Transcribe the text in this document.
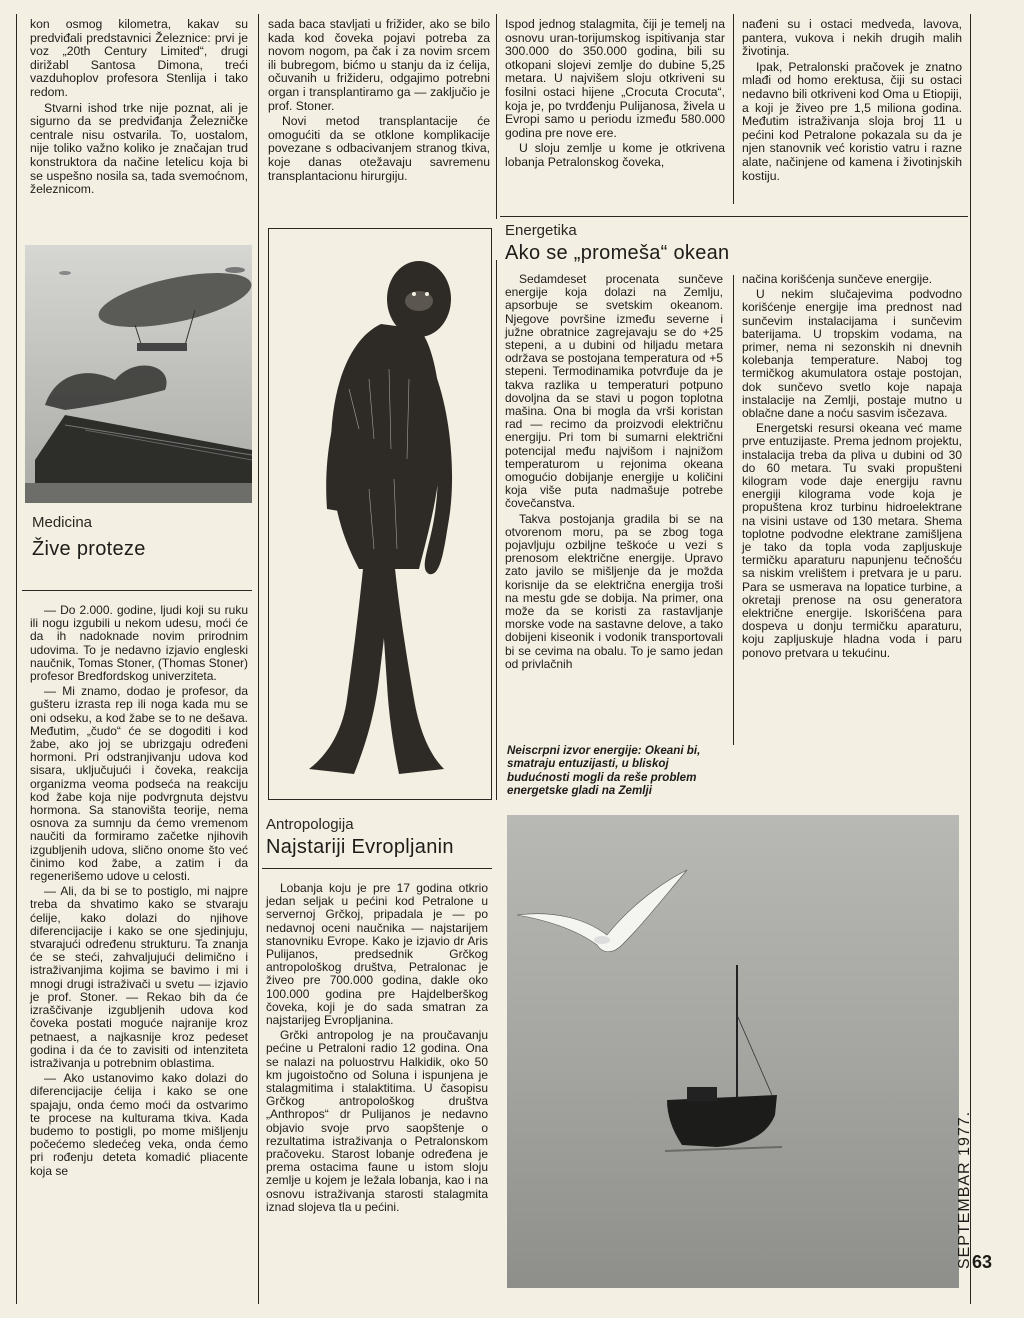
kon osmog kilometra, kakav su predviđali predstavnici Železnice: prvi je voz „20th Century Limited“, drugi dirižabl Santosa Dimona, treći vazduhoplov profesora Stenlija i tako redom.

Stvarni ishod trke nije poznat, ali je sigurno da se predviđanja Železničke centrale nisu ostvarila. To, uostalom, nije toliko važno koliko je značajan trud konstruktora da načine letelicu koja bi se uspešno nosila sa, tada svemoćnom, železnicom.

sada baca stavljati u frižider, ako se bilo kada kod čoveka pojavi potreba za novom nogom, pa čak i za novim srcem ili bubregom, bićmo u stanju da iz ćelija, očuvanih u frižideru, odgajimo potrebni organ i transplantiramo ga — zaključio je prof. Stoner.

Novi metod transplantacije će omogućiti da se otklone komplikacije povezane s odbacivanjem stranog tkiva, koje danas otežavaju savremenu transplantacionu hirurgiju.

Ispod jednog stalagmita, čiji je temelj na osnovu uran-torijumskog ispitivanja star 300.000 do 350.000 godina, bili su otkopani slojevi zemlje do dubine 5,25 metara. U najvišem sloju otkriveni su fosilni ostaci hijene „Crocuta Crocuta“, koja je, po tvrdđenju Pulijanosa, živela u Evropi samo u periodu između 580.000 godina pre nove ere.

U sloju zemlje u kome je otkrivena lobanja Petralonskog čoveka,

nađeni su i ostaci medveda, lavova, pantera, vukova i nekih drugih malih životinja.

Ipak, Petralonski pračovek je znatno mlađi od homo erektusa, čiji su ostaci nedavno bili otkriveni kod Oma u Etiopiji, a koji je živeo pre 1,5 miliona godina. Međutim istraživanja sloja broj 11 u pećini kod Petralone pokazala su da je njen stanovnik već koristio vatru i razne alate, načinjene od kamena i životinjskih kostiju.

Medicina
Žive proteze

— Do 2.000. godine, ljudi koji su ruku ili nogu izgubili u nekom udesu, moći će da ih nadoknade novim prirodnim udovima. To je nedavno izjavio engleski naučnik, Tomas Stoner, (Thomas Stoner) profesor Bredfordskog univerziteta.

— Mi znamo, dodao je profesor, da gušteru izrasta rep ili noga kada mu se oni odseku, a kod žabe se to ne dešava. Međutim, „čudo“ će se dogoditi i kod žabe, ako joj se ubrizgaju određeni hormoni. Pri odstranjivanju udova kod sisara, uključujući i čoveka, reakcija organizma veoma podseća na reakciju kod žabe koja nije podvrgnuta dejstvu hormona. Sa stanovišta teorije, nema osnova za sumnju da ćemo vremenom naučiti da formiramo začetke njihovih izgubljenih udova, slično onome što već činimo kod žabe, a zatim i da regenerišemo udove u celosti.

— Ali, da bi se to postiglo, mi najpre treba da shvatimo kako se stvaraju ćelije, kako dolazi do njihove diferencijacije i kako se one sjedinjuju, stvarajući određenu strukturu. Ta znanja će se steći, zahvaljujući delimično i istraživanjima kojima se bavimo i mi i mnogi drugi istraživači u svetu — izjavio je prof. Stoner. — Rekao bih da će izraščivanje izgubljenih udova kod čoveka postati moguće najranije kroz petnaest, a najkasnije kroz pedeset godina i da će to zavisiti od intenziteta istraživanja u potrebnim oblastima.

— Ako ustanovimo kako dolazi do diferencijacije ćelija i kako se one spajaju, onda ćemo moći da ostvarimo te procese na kulturama tkiva. Kada budemo to postigli, po mome mišljenju počećemo sledećeg veka, onda ćemo pri rođenju deteta komadić pliacente koja se

Antropologija
Najstariji Evropljanin

Lobanja koju je pre 17 godina otkrio jedan seljak u pećini kod Petralone u servernoj Grčkoj, pripadala je — po nedavnoj oceni naučnika — najstarijem stanovniku Evrope. Kako je izjavio dr Aris Pulijanos, predsednik Grčkog antropološkog društva, Petralonac je živeo pre 700.000 godina, dakle oko 100.000 godina pre Hajdelberškog čoveka, koji je do sada smatran za najstarijeg Evropljanina.

Grčki antropolog je na proučavanju pećine u Petraloni radio 12 godina. Ona se nalazi na poluostrvu Halkidik, oko 50 km jugoistočno od Soluna i ispunjena je stalagmitima i stalaktitima. U časopisu Grčkog antropološkog društva „Anthropos“ dr Pulijanos je nedavno objavio svoje prvo saopštenje o rezultatima istraživanja o Petralonskom pračoveku. Starost lobanje određena je prema ostacima faune u istom sloju zemlje u kojem je ležala lobanja, kao i na osnovu istraživanja starosti stalagmita iznad slojeva tla u pećini.

Energetika
Ako se „promeša“ okean

Sedamdeset procenata sunčeve energije koja dolazi na Zemlju, apsorbuje se svetskim okeanom. Njegove površine između severne i južne obratnice zagrejavaju se do +25 stepeni, a u dubini od hiljadu metara održava se postojana temperatura od +5 stepeni. Termodinamika potvrđuje da je takva razlika u temperaturi potpuno dovoljna da se stavi u pogon toplotna mašina. Ona bi mogla da vrši koristan rad — recimo da proizvodi električnu energiju. Pri tom bi sumarni električni potencijal među najvišom i najnižom temperaturom u rejonima okeana omogućio dobijanje energije u količini koja više puta nadmašuje potrebe čovečanstva.

Takva postojanja gradila bi se na otvorenom moru, pa se zbog toga pojavljuju ozbiljne teškoće u vezi s prenosom električne energije. Upravo zato javilo se mišljenje da je možda korisnije da se električna energija troši na mestu gde se dobija. Na primer, ona može da se koristi za rastavljanje morske vode na sastavne delove, a tako dobijeni kiseonik i vodonik transportovali bi se cevima na obalu. To je samo jedan od privlačnih

načina korišćenja sunčeve energije.

U nekim slučajevima podvodno korišćenje energije ima prednost nad sunčevim instalacijama i sunčevim baterijama. U tropskim vodama, na primer, nema ni sezonskih ni dnevnih kolebanja temperature. Naboj tog termičkog akumulatora ostaje postojan, dok sunčevo svetlo koje napaja instalacije na Zemlji, postaje mutno u oblačne dane a noću sasvim isčezava.

Energetski resursi okeana već mame prve entuzijaste. Prema jednom projektu, instalacija treba da pliva u dubini od 30 do 60 metara. Tu svaki propušteni kilogram vode daje energiju ravnu energiji kilograma vode koja je propuštena kroz turbinu hidroelektrane na visini ustave od 130 metara. Shema toplotne podvodne elektrane zamišljena je tako da topla voda zapljuskuje termičku aparaturu napunjenu tečnošću sa niskim vrelištem i pretvara je u paru. Para se usmerava na lopatice turbine, a okretaji prenose na osu generatora električne energije. Iskorišćena para dospeva u donju termičku aparaturu, koju zapljuskuje hladna voda i paru ponovo pretvara u tekućinu.

Neiscrpni izvor energije: Okeani bi, smatraju entuzijasti, u bliskoj budućnosti mogli da reše problem energetske gladi na Zemlji
SEPTEMBAR 1977. 63
